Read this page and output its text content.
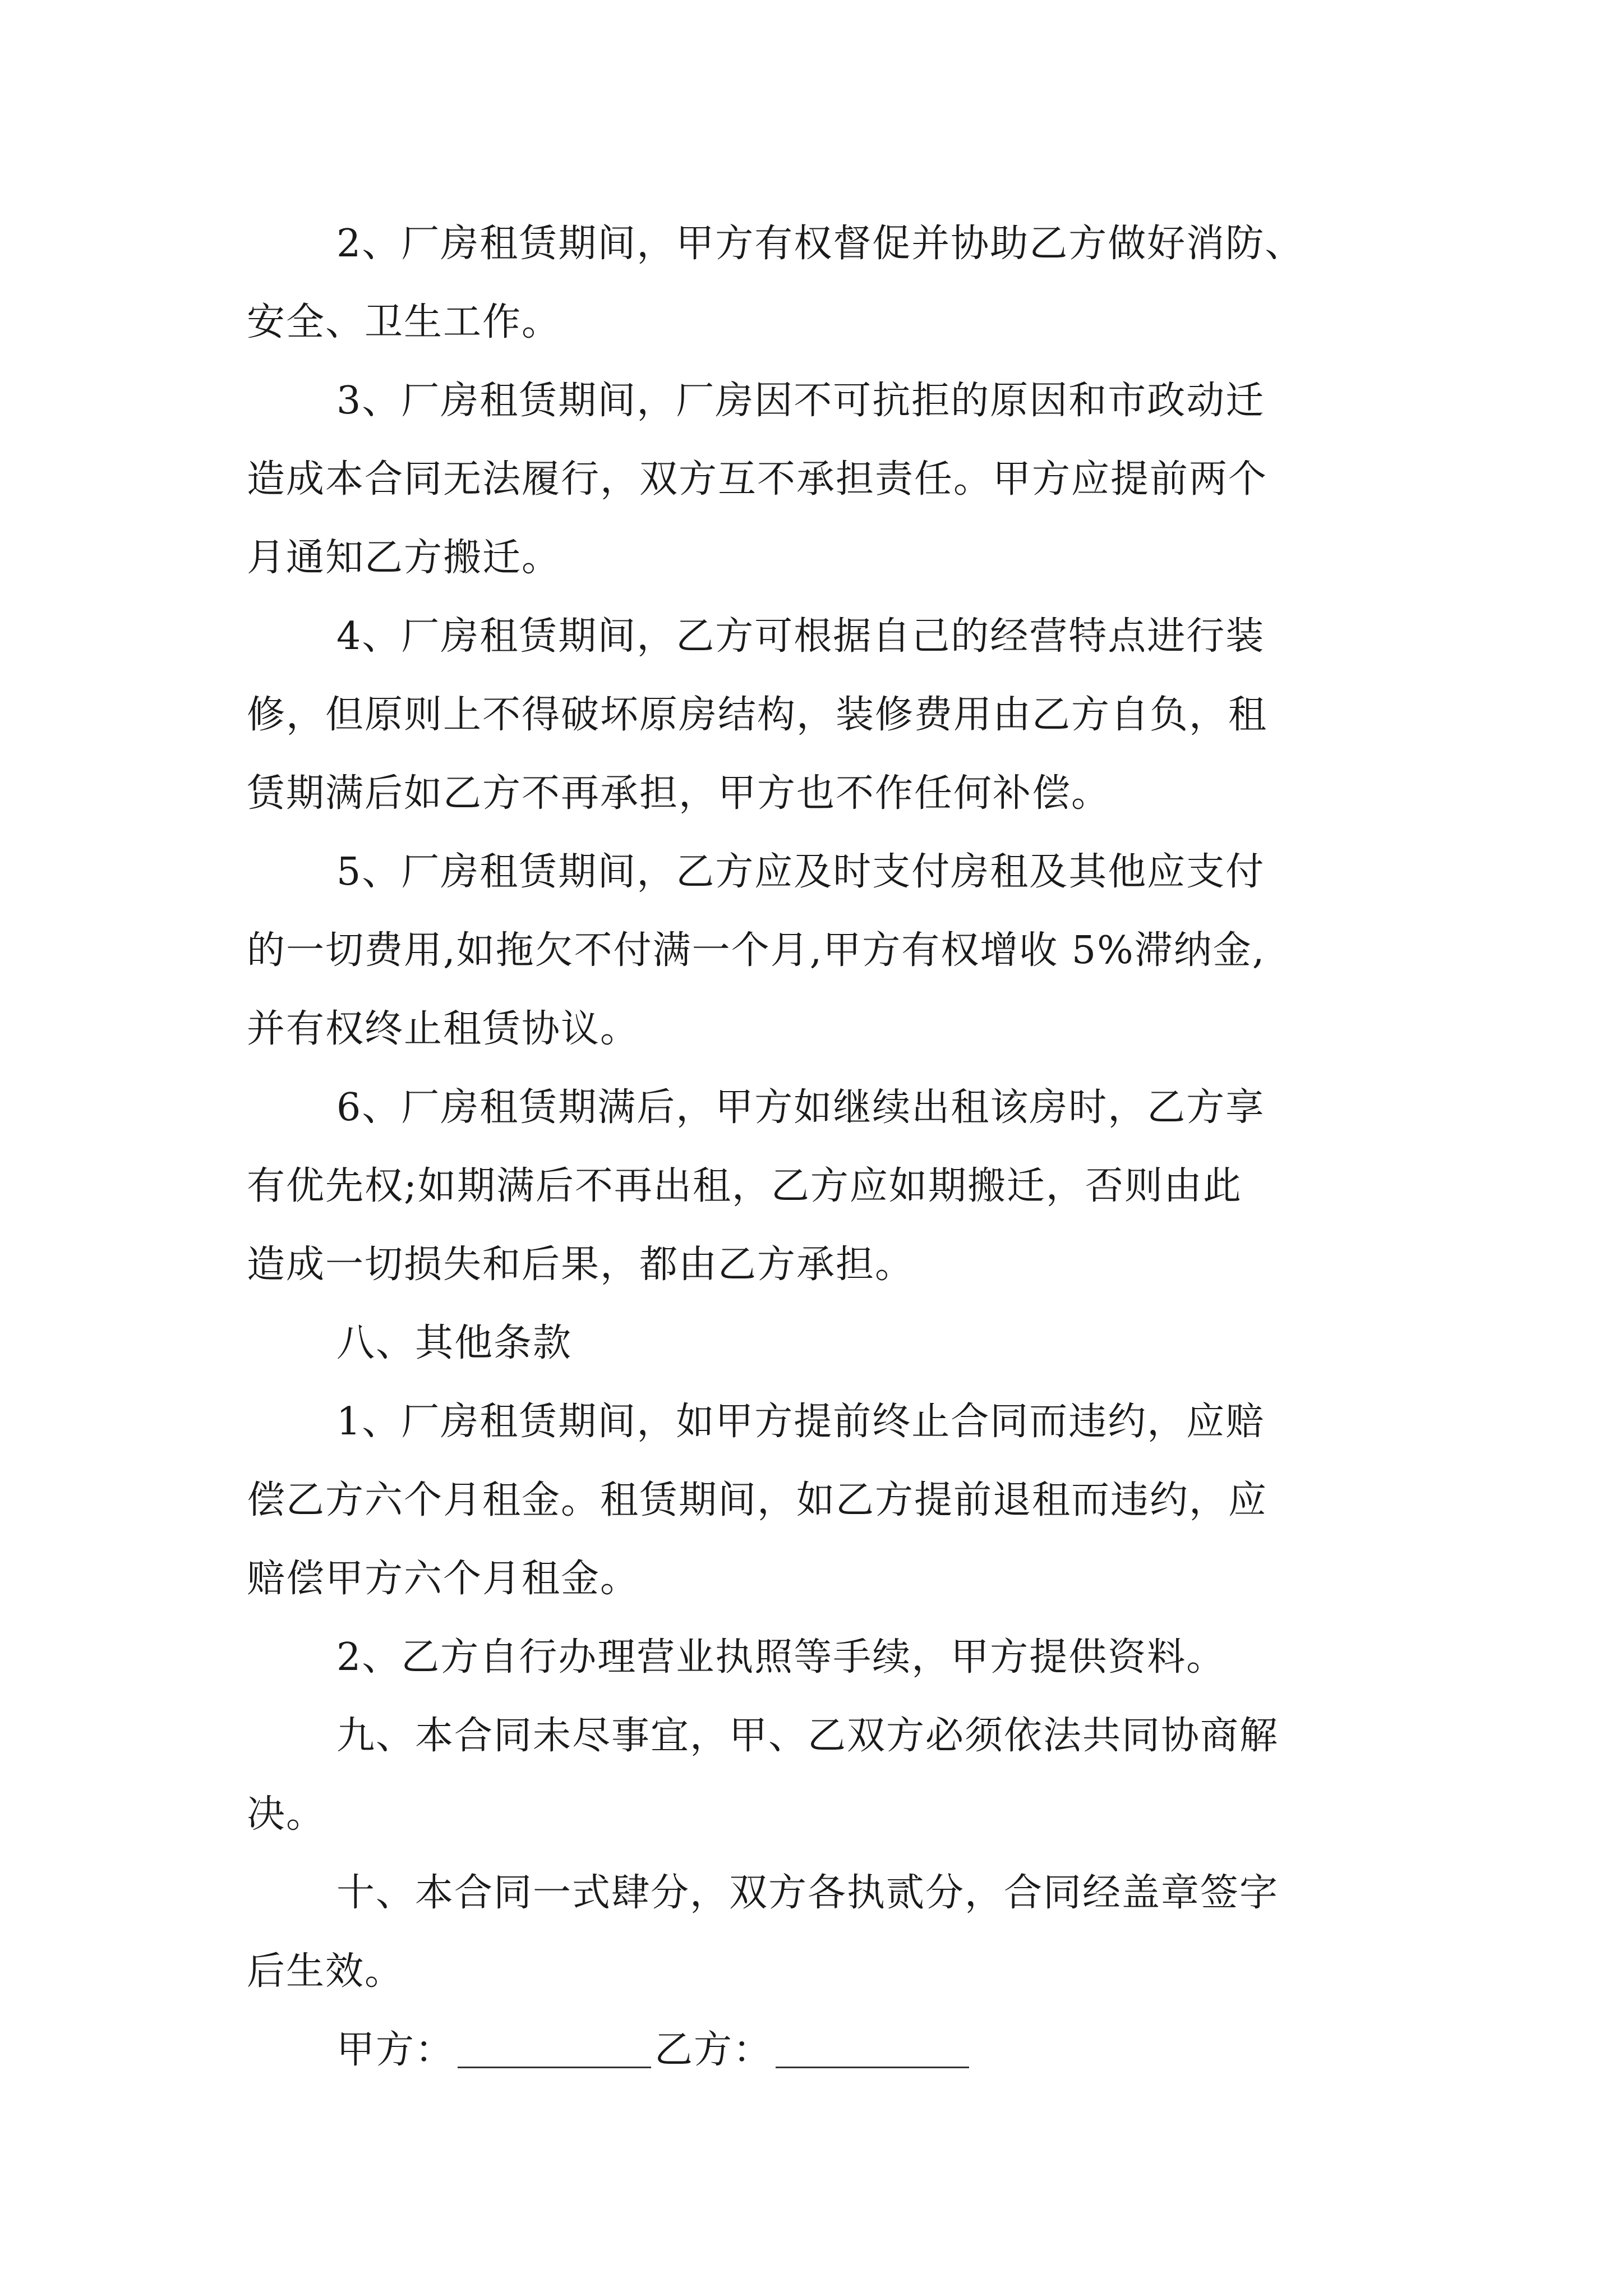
2、厂房租赁期间，甲方有权督促并协助乙方做好消防、
安全、卫生工作。
3、厂房租赁期间，厂房因不可抗拒的原因和市政动迁
造成本合同无法履行，双方互不承担责任。甲方应提前两个
月通知乙方搬迁。
4、厂房租赁期间，乙方可根据自己的经营特点进行装
修，但原则上不得破坏原房结构，装修费用由乙方自负，租
赁期满后如乙方不再承担，甲方也不作任何补偿。
5、厂房租赁期间，乙方应及时支付房租及其他应支付
的一切费用,如拖欠不付满一个月,甲方有权增收 5%滞纳金,
并有权终止租赁协议。
6、厂房租赁期满后，甲方如继续出租该房时，乙方享
有优先权;如期满后不再出租，乙方应如期搬迁，否则由此
造成一切损失和后果，都由乙方承担。
八、其他条款
1、厂房租赁期间，如甲方提前终止合同而违约，应赔
偿乙方六个月租金。租赁期间，如乙方提前退租而违约，应
赔偿甲方六个月租金。
2、乙方自行办理营业执照等手续，甲方提供资料。
九、本合同未尽事宜，甲、乙双方必须依法共同协商解
决。
十、本合同一式肆分，双方各执贰分，合同经盖章签字
后生效。
甲方：	乙方：
